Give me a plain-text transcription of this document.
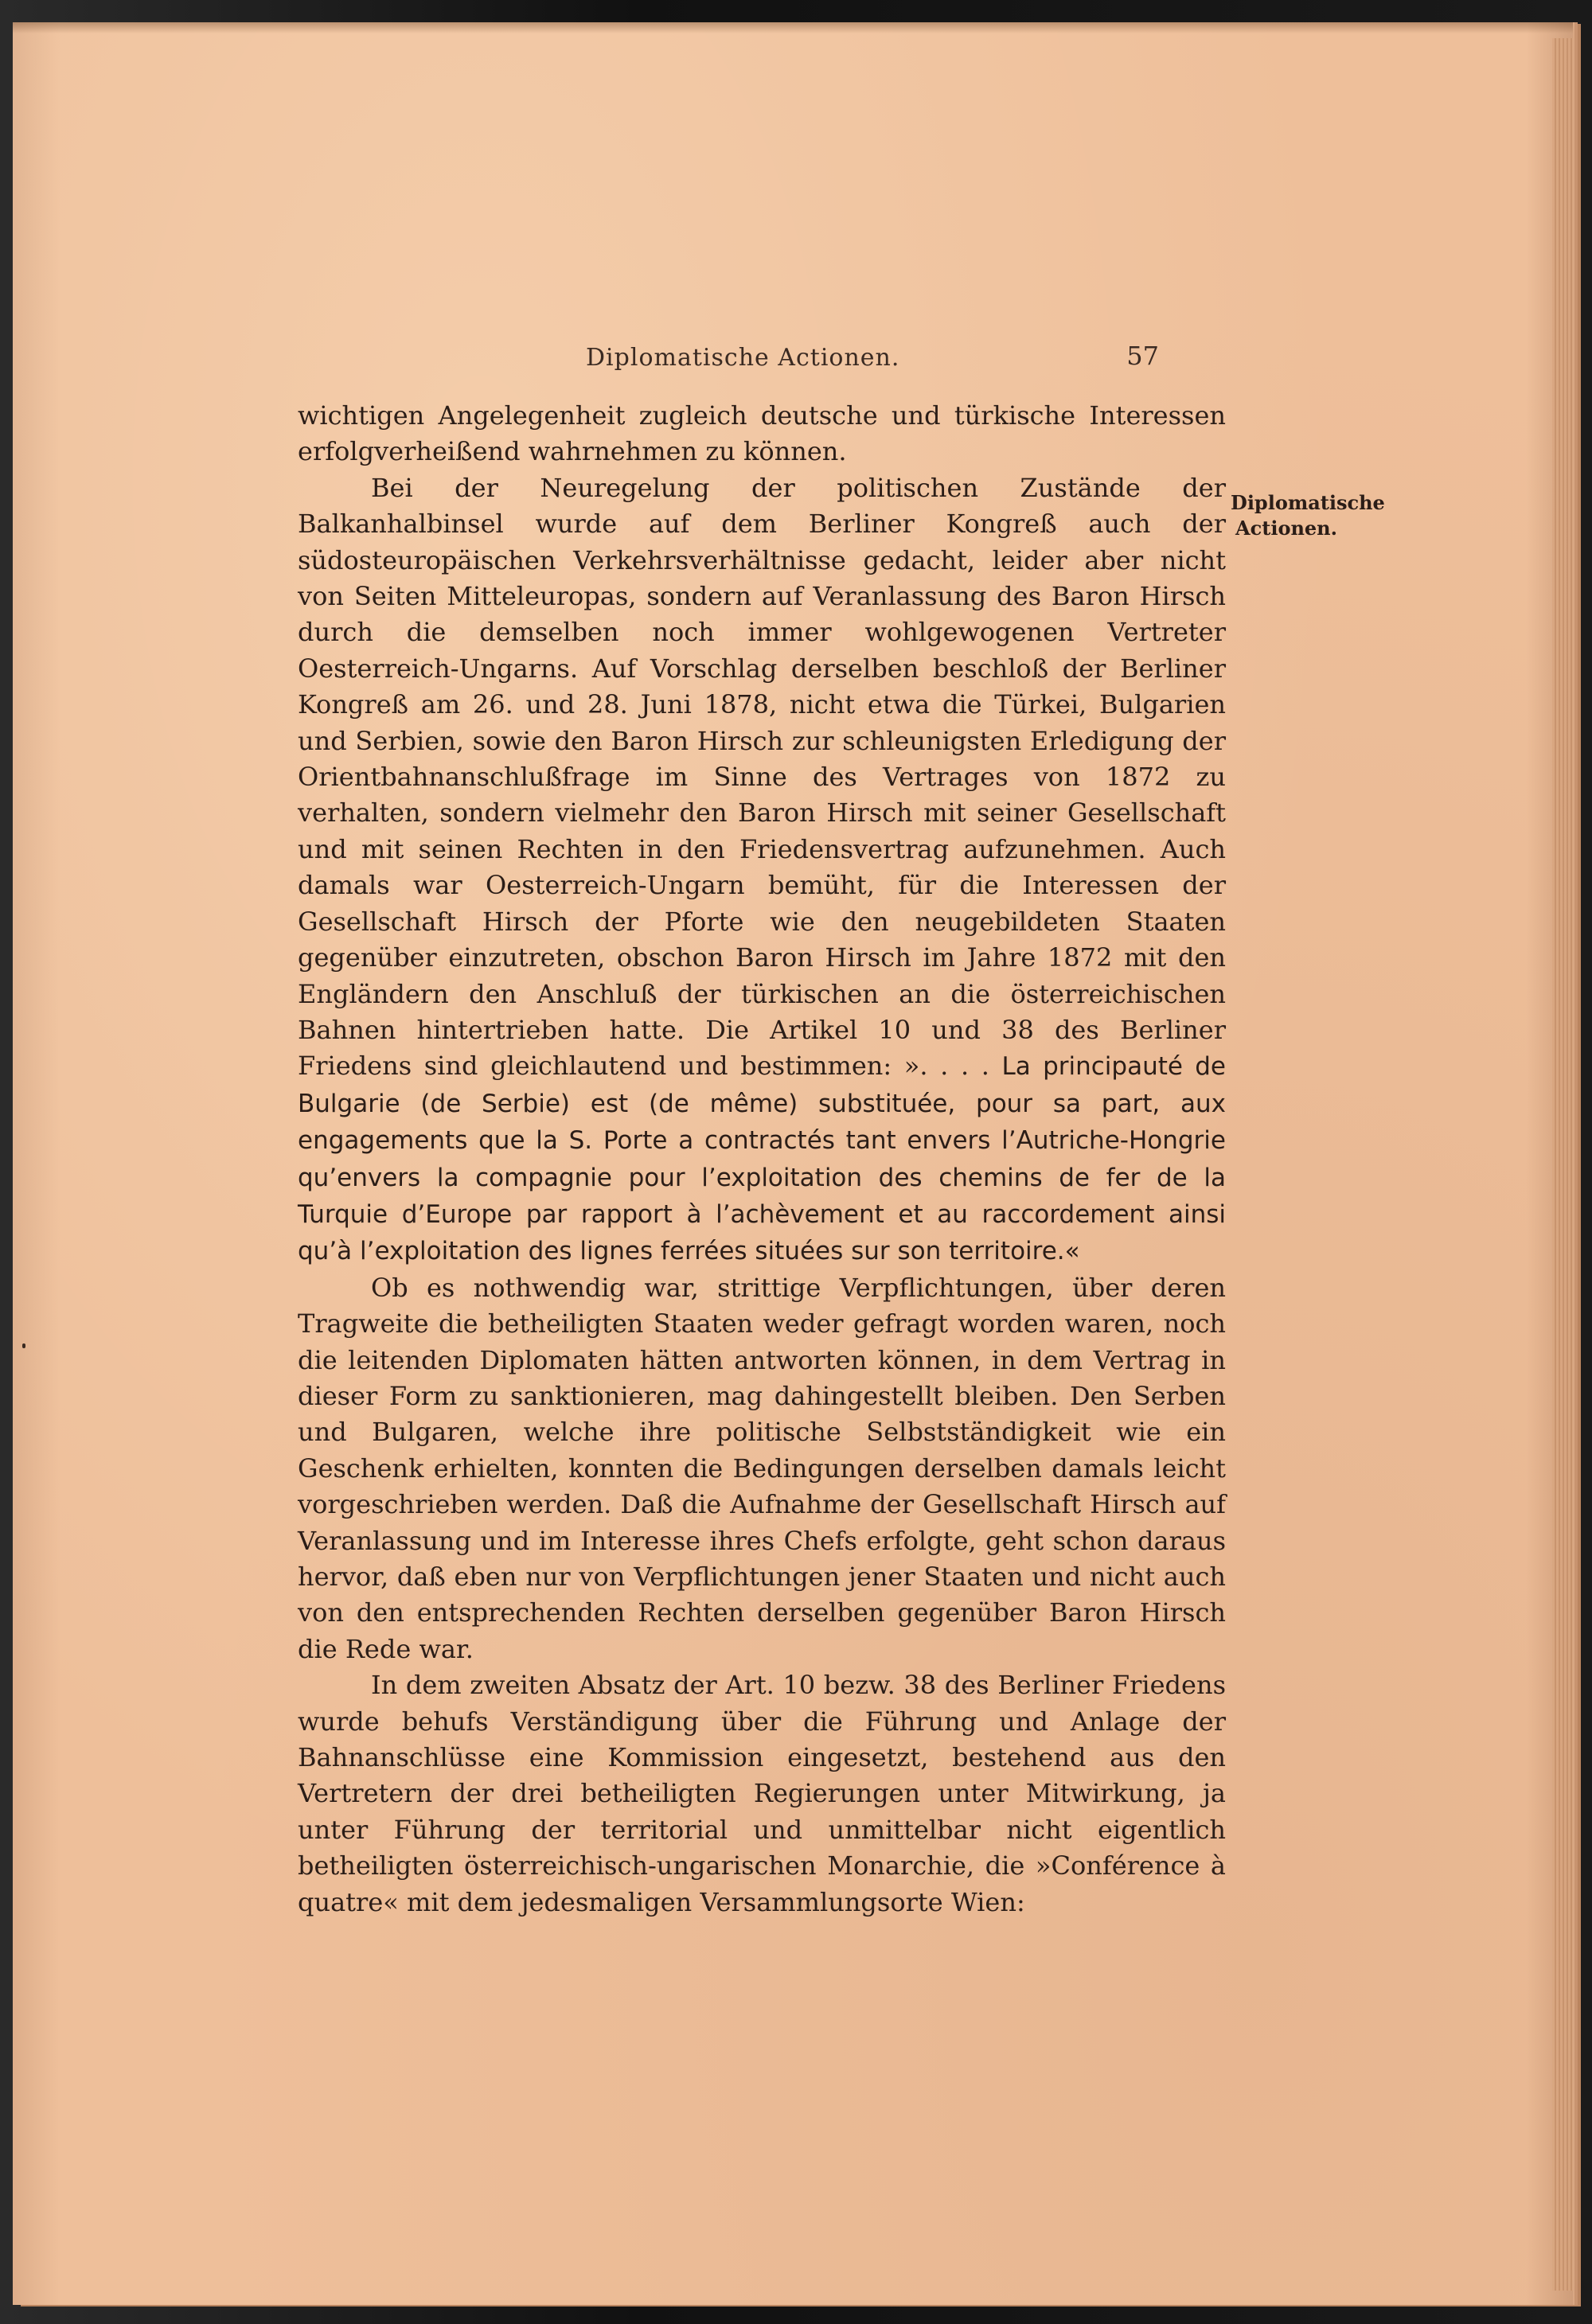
Diplomatische Actionen.	57
Diplomatische
Actionen.

wichtigen Angelegenheit zugleich deutsche und türkische Interessen erfolgverheißend wahrnehmen zu können.

Bei der Neuregelung der politischen Zustände der Balkanhalbinsel wurde auf dem Berliner Kongreß auch der südosteuropäischen Verkehrsverhältnisse gedacht, leider aber nicht von Seiten Mitteleuropas, sondern auf Veranlassung des Baron Hirsch durch die demselben noch immer wohlgewogenen Vertreter Oesterreich-Ungarns. Auf Vorschlag derselben beschloß der Berliner Kongreß am 26. und 28. Juni 1878, nicht etwa die Türkei, Bulgarien und Serbien, sowie den Baron Hirsch zur schleunigsten Erledigung der Orientbahnanschlußfrage im Sinne des Vertrages von 1872 zu verhalten, sondern vielmehr den Baron Hirsch mit seiner Gesellschaft und mit seinen Rechten in den Friedensvertrag aufzunehmen. Auch damals war Oesterreich-Ungarn bemüht, für die Interessen der Gesellschaft Hirsch der Pforte wie den neugebildeten Staaten gegenüber einzutreten, obschon Baron Hirsch im Jahre 1872 mit den Engländern den Anschluß der türkischen an die österreichischen Bahnen hintertrieben hatte. Die Artikel 10 und 38 des Berliner Friedens sind gleichlautend und bestimmen: ». . . . La principauté de Bulgarie (de Serbie) est (de même) substituée, pour sa part, aux engagements que la S. Porte a contractés tant envers l’Autriche-Hongrie qu’envers la compagnie pour l’exploitation des chemins de fer de la Turquie d’Europe par rapport à l’achèvement et au raccordement ainsi qu’à l’exploitation des lignes ferrées situées sur son territoire.«

Ob es nothwendig war, strittige Verpflichtungen, über deren Tragweite die betheiligten Staaten weder gefragt worden waren, noch die leitenden Diplomaten hätten antworten können, in dem Vertrag in dieser Form zu sanktionieren, mag dahingestellt bleiben. Den Serben und Bulgaren, welche ihre politische Selbstständigkeit wie ein Geschenk erhielten, konnten die Bedingungen derselben damals leicht vorgeschrieben werden. Daß die Aufnahme der Gesellschaft Hirsch auf Veranlassung und im Interesse ihres Chefs erfolgte, geht schon daraus hervor, daß eben nur von Verpflichtungen jener Staaten und nicht auch von den entsprechenden Rechten derselben gegenüber Baron Hirsch die Rede war.

In dem zweiten Absatz der Art. 10 bezw. 38 des Berliner Friedens wurde behufs Verständigung über die Führung und Anlage der Bahnanschlüsse eine Kommission eingesetzt, bestehend aus den Vertretern der drei betheiligten Regierungen unter Mitwirkung, ja unter Führung der territorial und unmittelbar nicht eigentlich betheiligten österreichisch-ungarischen Monarchie, die »Conférence à quatre« mit dem jedesmaligen Versammlungsorte Wien:
